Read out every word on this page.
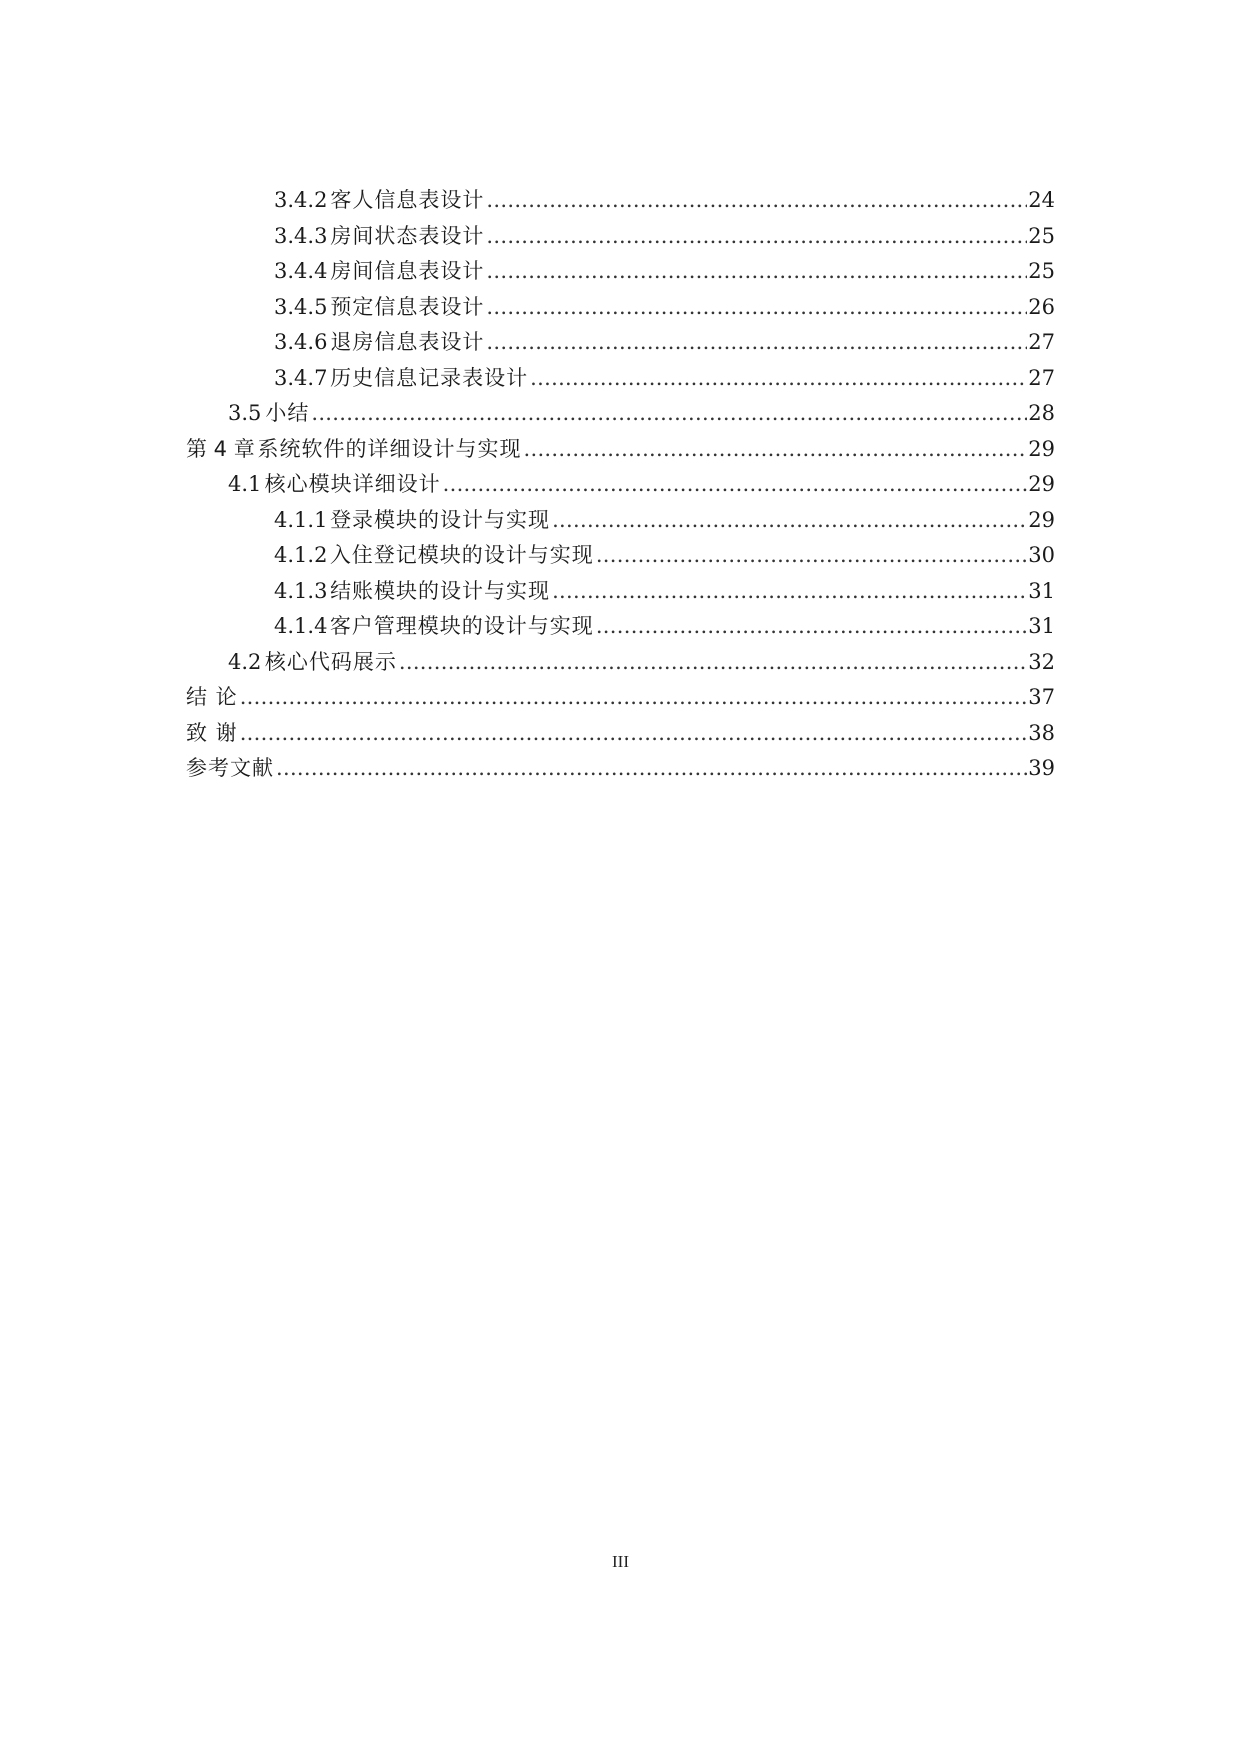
3.4.2 客人信息表设计 .....	24
3.4.3 房间状态表设计 .....	25
3.4.4 房间信息表设计 .....	25
3.4.5 预定信息表设计 .....	26
3.4.6 退房信息表设计 .....	27
3.4.7 历史信息记录表设计 .....	27
3.5 小结 .....	28
第 4 章 系统软件的详细设计与实现 .....	29
4.1 核心模块详细设计 .....	29
4.1.1 登录模块的设计与实现 .....	29
4.1.2 入住登记模块的设计与实现 .....	30
4.1.3 结账模块的设计与实现 .....	31
4.1.4 客户管理模块的设计与实现 .....	31
4.2 核心代码展示 .....	32
结 论 .....	37
致 谢 .....	38
参考文献 .....	39
III
